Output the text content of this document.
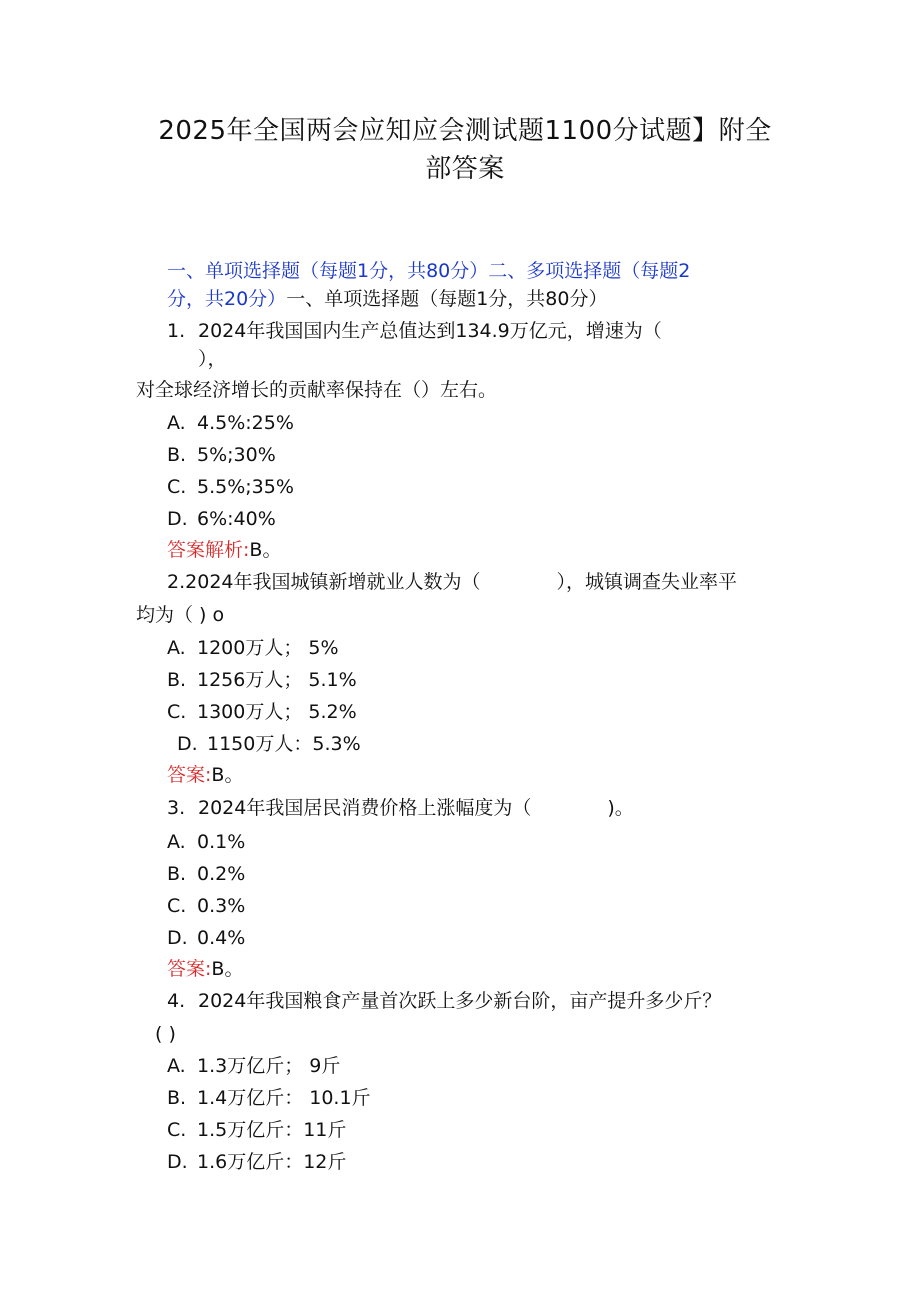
2025年全国两会应知应会测试题1100分试题】附全
部答案
一、单项选择题（每题1分，共80分）二、多项选择题（每题2
分，共20分）一、单项选择题（每题1分，共80分）
1. 2024年我国国内生产总值达到134.9万亿元，增速为（
），
对全球经济增长的贡献率保持在（）左右。
A. 4.5%:25%
B. 5%;30%
C. 5.5%;35%
D. 6%:40%
答案解析:B。
2.2024年我国城镇新增就业人数为（　　　　），城镇调查失业率平
均为（ ) o
A. 1200万人； 5%
B. 1256万人； 5.1%
C. 1300万人； 5.2%
D. 1150万人：5.3%
答案:B。
3. 2024年我国居民消费价格上涨幅度为（　　　　)。
A. 0.1%
B. 0.2%
C. 0.3%
D. 0.4%
答案:B。
4. 2024年我国粮食产量首次跃上多少新台阶，亩产提升多少斤？
( )
A. 1.3万亿斤； 9斤
B. 1.4万亿斤： 10.1斤
C. 1.5万亿斤：11斤
D. 1.6万亿斤：12斤
